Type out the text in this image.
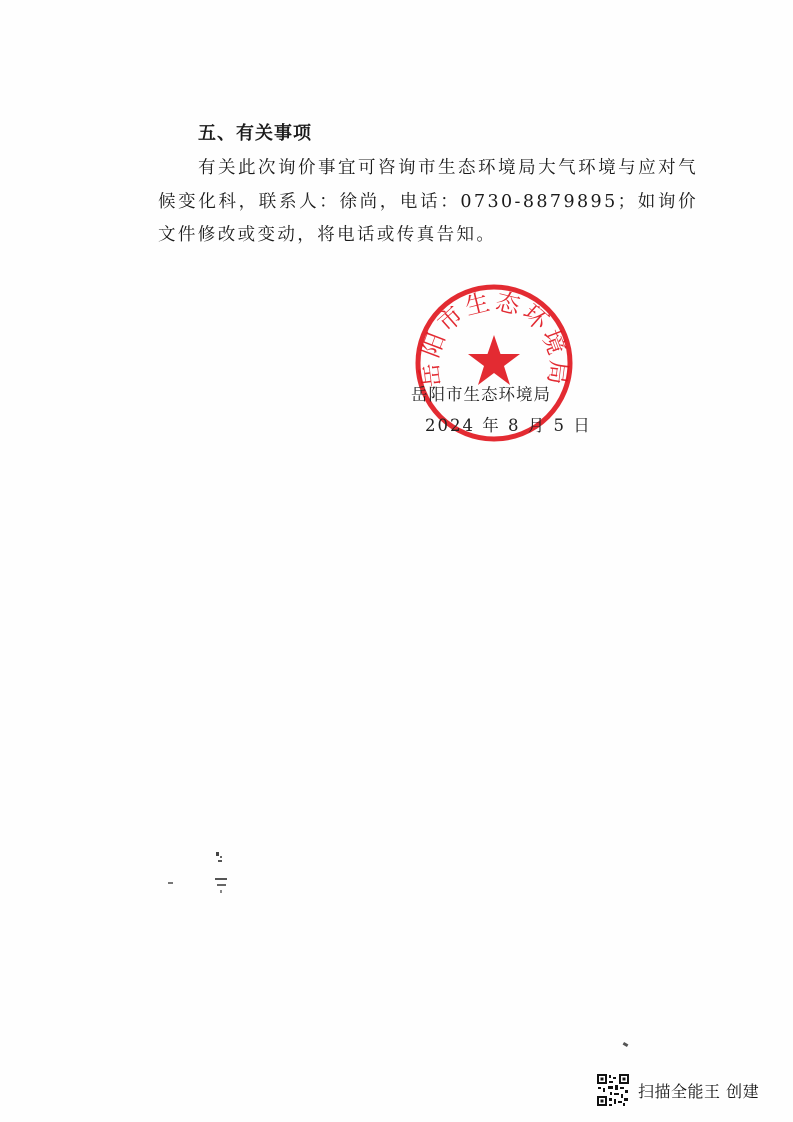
五、有关事项
有关此次询价事宜可咨询市生态环境局大气环境与应对气候变化科，联系人：徐尚，电话：0730-8879895；如询价文件修改或变动，将电话或传真告知。
岳阳市生态环境局
岳阳市生态环境局
2024 年 8 月 5 日
扫描全能王 创建
